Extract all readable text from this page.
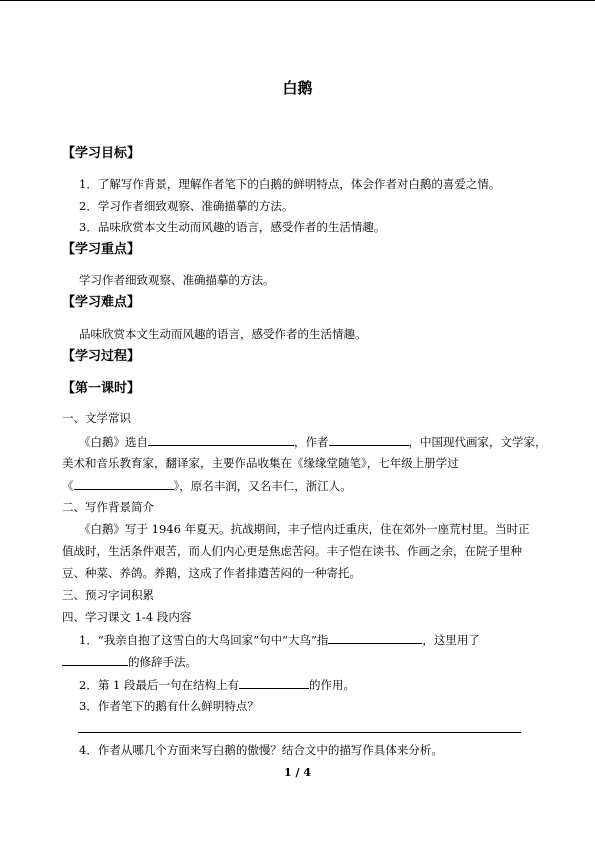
白鹅
【学习目标】
1．了解写作背景，理解作者笔下的白鹅的鲜明特点，体会作者对白鹅的喜爱之情。
2．学习作者细致观察、准确描摹的方法。
3．品味欣赏本文生动而风趣的语言，感受作者的生活情趣。
【学习重点】
学习作者细致观察、准确描摹的方法。
【学习难点】
品味欣赏本文生动而风趣的语言，感受作者的生活情趣。
【学习过程】
【第一课时】
一、文学常识
《白鹅》选自	，作者	，中国现代画家，文学家，
美术和音乐教育家，翻译家，主要作品收集在《缘缘堂随笔》，七年级上册学过
《	》，原名丰润，又名丰仁，浙江人。
二、写作背景简介
《白鹅》写于 1946 年夏天。抗战期间，丰子恺内迁重庆，住在郊外一座荒村里。当时正
值战时，生活条件艰苦，而人们内心更是焦虑苦闷。丰子恺在读书、作画之余，在院子里种
豆、种菜、养鸽。养鹅，这成了作者排遣苦闷的一种寄托。
三、预习字词积累
四、学习课文 1-4 段内容
1．“我亲自抱了这雪白的大鸟回家”句中“大鸟”指	，这里用了
的修辞手法。
2．第 1 段最后一句在结构上有	的作用。
3．作者笔下的鹅有什么鲜明特点？
4．作者从哪几个方面来写白鹅的傲慢？结合文中的描写作具体来分析。
1 / 4
